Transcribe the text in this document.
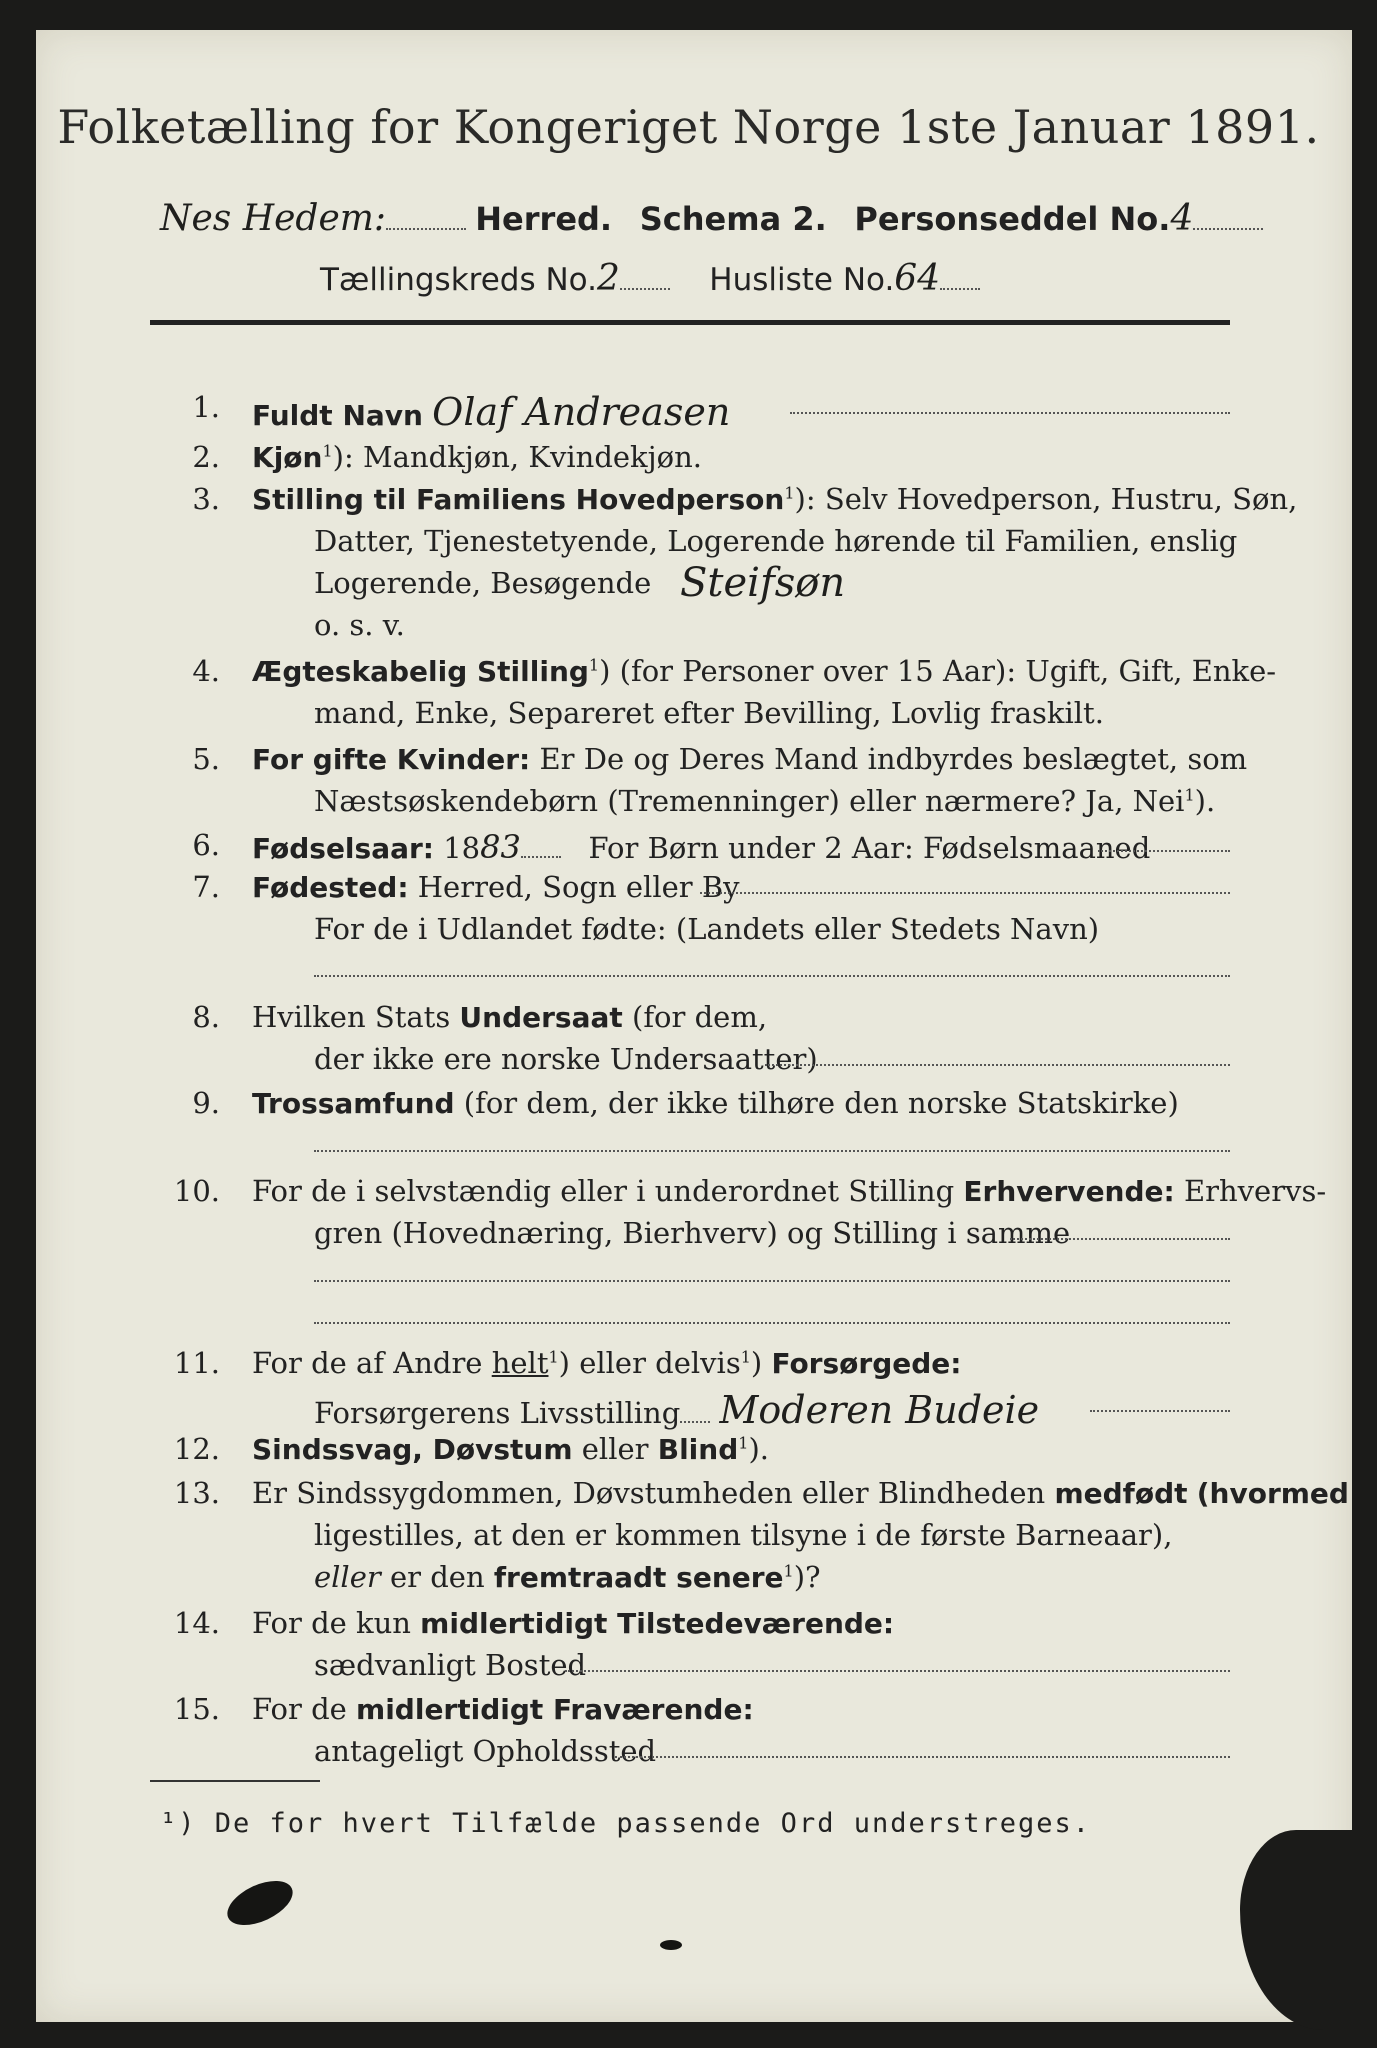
Folketælling for Kongeriget Norge 1ste Januar 1891.
Nes Hedem:	Herred. Schema 2. Personseddel No.4
Tællingskreds No.2	Husliste No.64
1. Fuldt Navn Olaf Andreasen
2. Kjøn$^1$): Mandkjøn, Kvindekjøn.
3. Stilling til Familiens Hovedperson$^1$): Selv Hovedperson, Hustru, Søn,
Datter, Tjenestetyende, Logerende hørende til Familien, enslig
Logerende, Besøgende Steifsøn
o. s. v.
4. Ægteskabelig Stilling$^1$) (for Personer over 15 Aar): Ugift, Gift, Enke-
mand, Enke, Separeret efter Bevilling, Lovlig fraskilt.
5. For gifte Kvinder: Er De og Deres Mand indbyrdes beslægtet, som
Næstsøskendebørn (Tremenninger) eller nærmere? Ja, Nei$^1$).
6. Fødselsaar: 1883 For Børn under 2 Aar: Fødselsmaaned
7. Fødested: Herred, Sogn eller By
For de i Udlandet fødte: (Landets eller Stedets Navn)
8. Hvilken Stats Undersaat (for dem,
der ikke ere norske Undersaatter)
9. Trossamfund (for dem, der ikke tilhøre den norske Statskirke)
10. For de i selvstændig eller i underordnet Stilling Erhvervende: Erhvervs-
gren (Hovednæring, Bierhverv) og Stilling i samme
11. For de af Andre helt$^1$) eller delvis$^1$) Forsørgede:
Forsørgerens Livsstilling Moderen Budeie
12. Sindssvag, Døvstum eller Blind$^1$).
13. Er Sindssygdommen, Døvstumheden eller Blindheden medfødt (hvormed
ligestilles, at den er kommen tilsyne i de første Barneaar),
eller er den fremtraadt senere$^1$)?
14. For de kun midlertidigt Tilstedeværende:
sædvanligt Bosted
15. For de midlertidigt Fraværende:
antageligt Opholdssted
¹) De for hvert Tilfælde passende Ord understreges.
